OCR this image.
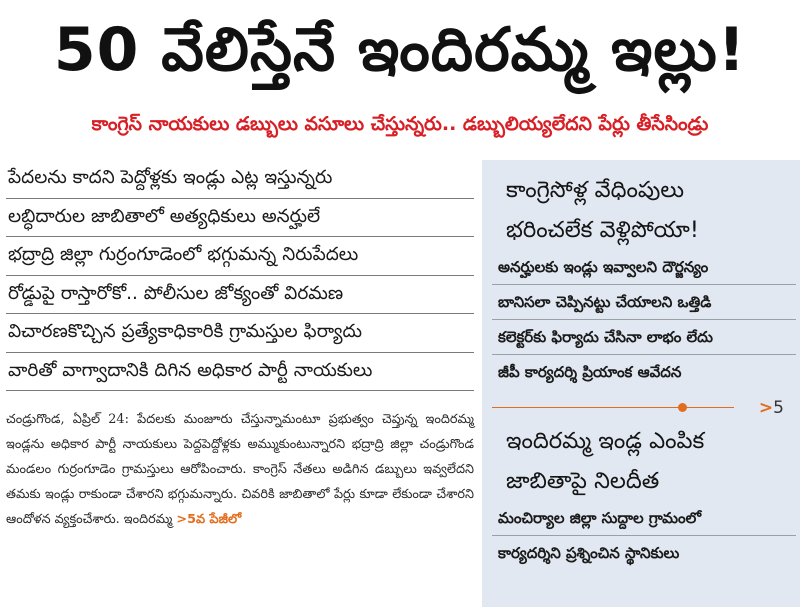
50 వేలిస్తేనే ఇందిరమ్మ ఇల్లు!
కాంగ్రెస్ నాయకులు డబ్బులు వసూలు చేస్తున్నరు.. డబ్బులియ్యలేదని పేర్లు తీసేసిండ్రు
పేదలను కాదని పెద్దోళ్లకు ఇండ్లు ఎట్ల ఇస్తున్నరు
లబ్ధిదారుల జాబితాలో అత్యధికులు అనర్హులే
భద్రాద్రి జిల్లా గుర్రంగూడెంలో భగ్గుమన్న నిరుపేదలు
రోడ్డుపై రాస్తారోకో.. పోలీసుల జోక్యంతో విరమణ
విచారణకొచ్చిన ప్రత్యేకాధికారికి గ్రామస్తుల ఫిర్యాదు
వారితో వాగ్వాదానికి దిగిన అధికార పార్టీ నాయకులు

చండ్రుగొండ, ఏప్రిల్ 24: పేదలకు మంజూరు చేస్తున్నామంటూ ప్రభుత్వం చెప్తున్న ఇందిరమ్మ ఇండ్లను అధికార పార్టీ నాయకులు పెద్దపెద్దోళ్లకు అమ్ముకుంటున్నారని భద్రాద్రి జిల్లా చండ్రుగొండ మండలం గుర్రంగూడెం గ్రామస్తులు ఆరోపించారు. కాంగ్రెస్ నేతలు అడిగిన డబ్బులు ఇవ్వలేదని తమకు ఇండ్లు రాకుండా చేశారని భగ్గుమన్నారు. చివరికి జాబితాలో పేర్లు కూడా లేకుండా చేశారని ఆందోళన వ్యక్తంచేశారు. ఇందిరమ్మ >5వ పేజీలో

కాంగ్రెసోళ్ల వేధింపులు
భరించలేక వెళ్లిపోయా!
అనర్హులకు ఇండ్లు ఇవ్వాలని దౌర్జన్యం
బానిసలా చెప్పినట్టు చేయాలని ఒత్తిడి
కలెక్టర్‌కు ఫిర్యాదు చేసినా లాభం లేదు
జీపీ కార్యదర్శి ప్రియాంక ఆవేదన
>5
ఇందిరమ్మ ఇండ్ల ఎంపిక
జాబితాపై నిలదీత
మంచిర్యాల జిల్లా సుద్దాల గ్రామంలో
కార్యదర్శిని ప్రశ్నించిన స్థానికులు
